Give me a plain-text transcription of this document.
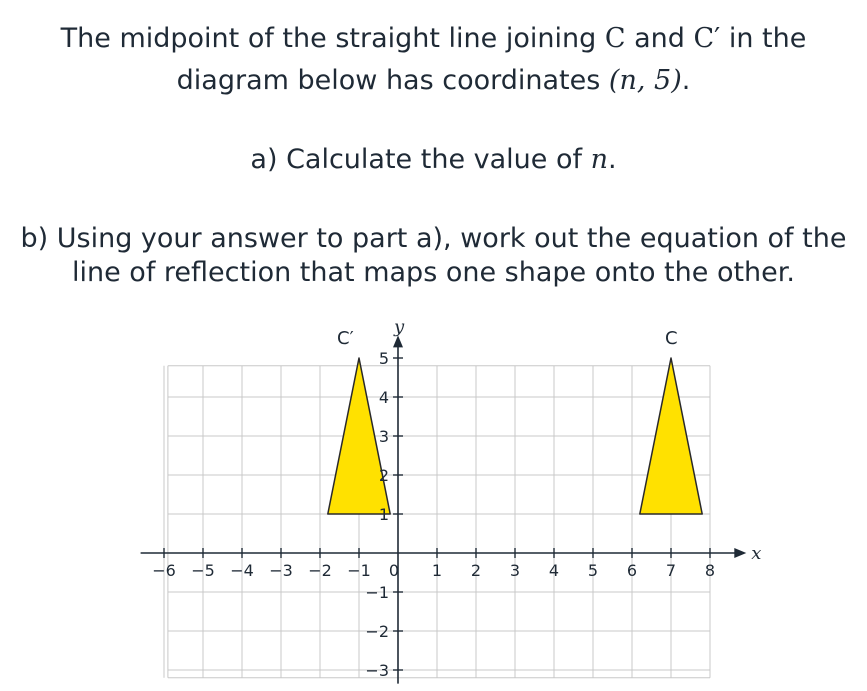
The midpoint of the straight line joining C and C′ in the
diagram below has coordinates (n, 5).
a) Calculate the value of n.
b) Using your answer to part a), work out the equation of the
line of reflection that maps one shape onto the other.
C′	C
x
y
−6 −5 −4 −3 −2 −1 0 1 2 3 4 5 6 7 8
−3
−2
−1
1
2
3
4
5
